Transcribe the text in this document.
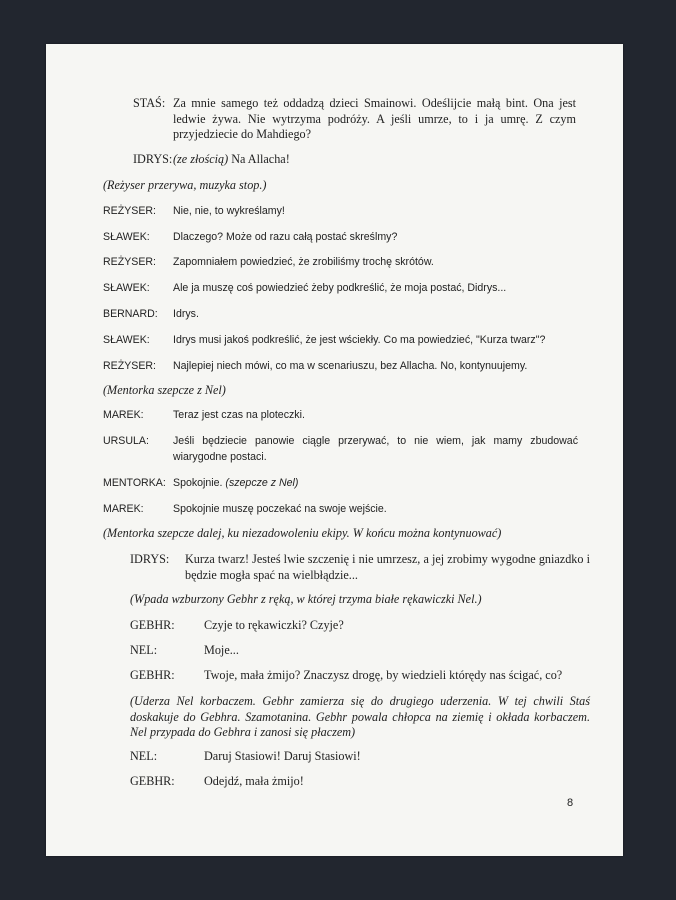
STAŚ: Za mnie samego też oddadzą dzieci Smainowi. Odeślijcie małą bint. Ona jest ledwie żywa. Nie wytrzyma podróży. A jeśli umrze, to i ja umrę. Z czym przyjedziecie do Mahdiego?
IDRYS: (ze złością) Na Allacha!
(Reżyser przerywa, muzyka stop.)
REŻYSER: Nie, nie, to wykreślamy!
SŁAWEK: Dlaczego? Może od razu całą postać skreślmy?
REŻYSER: Zapomniałem powiedzieć, że zrobiliśmy trochę skrótów.
SŁAWEK: Ale ja muszę coś powiedzieć żeby podkreślić, że moja postać, Didrys...
BERNARD: Idrys.
SŁAWEK: Idrys musi jakoś podkreślić, że jest wściekły. Co ma powiedzieć, "Kurza twarz"?
REŻYSER: Najlepiej niech mówi, co ma w scenariuszu, bez Allacha. No, kontynuujemy.
(Mentorka szepcze z Nel)
MAREK:	Teraz jest czas na ploteczki.
URSULA: Jeśli będziecie panowie ciągle przerywać, to nie wiem, jak mamy zbudować wiarygodne postaci.
MENTORKA: Spokojnie. (szepcze z Nel)
MAREK:	Spokojnie muszę poczekać na swoje wejście.
(Mentorka szepcze dalej, ku niezadowoleniu ekipy. W końcu można kontynuować)
IDRYS: Kurza twarz! Jesteś lwie szczenię i nie umrzesz, a jej zrobimy wygodne gniazdko i będzie mogła spać na wielbłądzie...
(Wpada wzburzony Gebhr z ręką, w której trzyma białe rękawiczki Nel.)
GEBHR: Czyje to rękawiczki? Czyje?
NEL:	Moje...
GEBHR: Twoje, mała żmijo? Znaczysz drogę, by wiedzieli którędy nas ścigać, co?
(Uderza Nel korbaczem. Gebhr zamierza się do drugiego uderzenia. W tej chwili Staś doskakuje do Gebhra. Szamotanina. Gebhr powala chłopca na ziemię i okłada korbaczem. Nel przypada do Gebhra i zanosi się płaczem)
NEL:	Daruj Stasiowi! Daruj Stasiowi!
GEBHR: Odejdź, mała żmijo!
8
